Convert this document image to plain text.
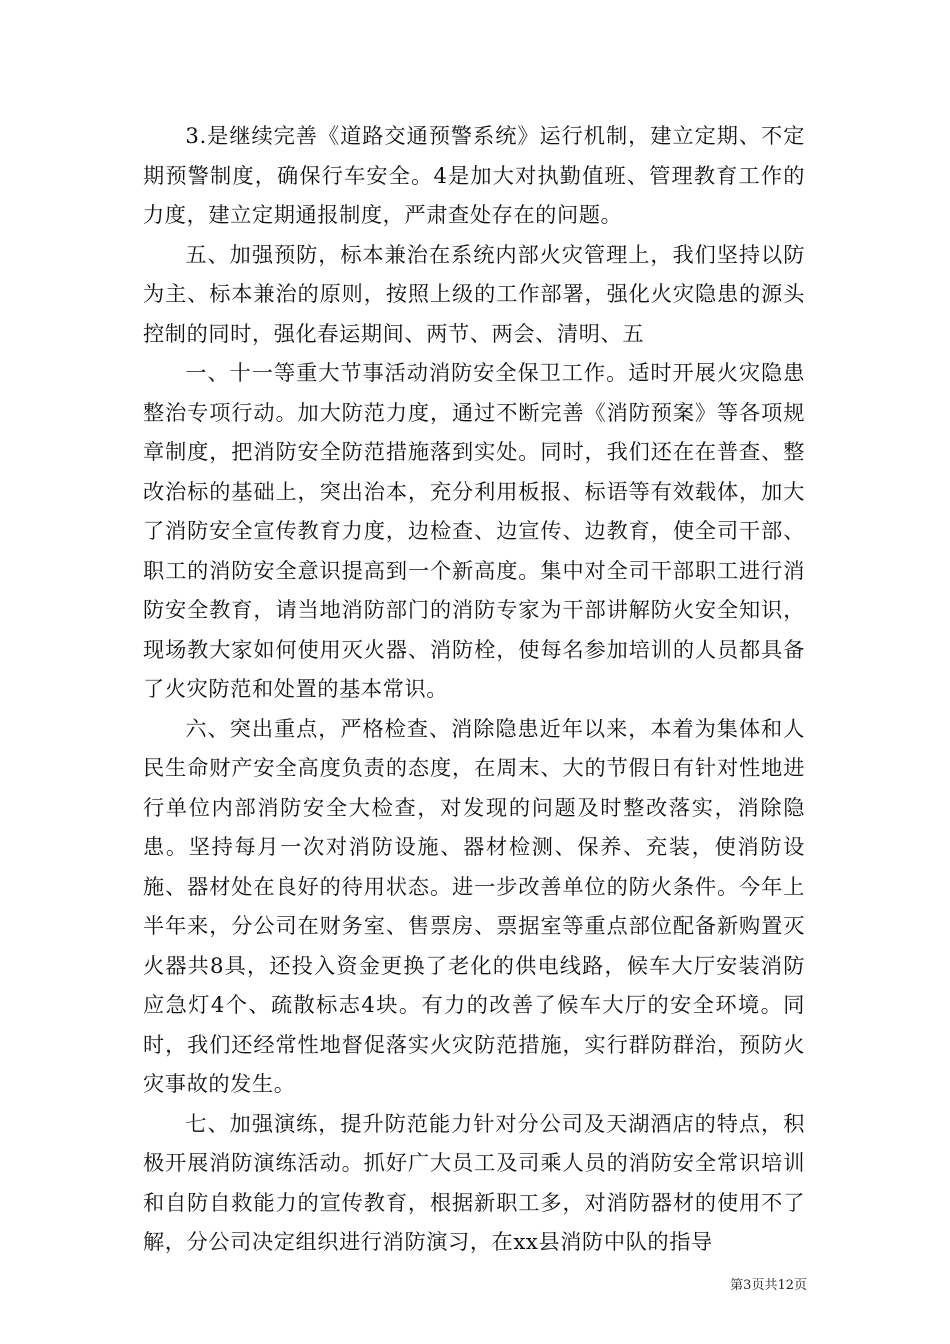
3.是继续完善《道路交通预警系统》运行机制，建立定期、不定期预警制度，确保行车安全。4是加大对执勤值班、管理教育工作的力度，建立定期通报制度，严肃查处存在的问题。

五、加强预防，标本兼治在系统内部火灾管理上，我们坚持以防为主、标本兼治的原则，按照上级的工作部署，强化火灾隐患的源头控制的同时，强化春运期间、两节、两会、清明、五

一、十一等重大节事活动消防安全保卫工作。适时开展火灾隐患整治专项行动。加大防范力度，通过不断完善《消防预案》等各项规章制度，把消防安全防范措施落到实处。同时，我们还在在普查、整改治标的基础上，突出治本，充分利用板报、标语等有效载体，加大了消防安全宣传教育力度，边检查、边宣传、边教育，使全司干部、职工的消防安全意识提高到一个新高度。集中对全司干部职工进行消防安全教育，请当地消防部门的消防专家为干部讲解防火安全知识，现场教大家如何使用灭火器、消防栓，使每名参加培训的人员都具备了火灾防范和处置的基本常识。

六、突出重点，严格检查、消除隐患近年以来，本着为集体和人民生命财产安全高度负责的态度，在周末、大的节假日有针对性地进行单位内部消防安全大检查，对发现的问题及时整改落实，消除隐患。坚持每月一次对消防设施、器材检测、保养、充装，使消防设施、器材处在良好的待用状态。进一步改善单位的防火条件。今年上半年来，分公司在财务室、售票房、票据室等重点部位配备新购置灭火器共8具，还投入资金更换了老化的供电线路，候车大厅安装消防应急灯4个、疏散标志4块。有力的改善了候车大厅的安全环境。同时，我们还经常性地督促落实火灾防范措施，实行群防群治，预防火灾事故的发生。

七、加强演练，提升防范能力针对分公司及天湖酒店的特点，积极开展消防演练活动。抓好广大员工及司乘人员的消防安全常识培训和自防自救能力的宣传教育，根据新职工多，对消防器材的使用不了解，分公司决定组织进行消防演习，在xx县消防中队的指导

第3页共12页
